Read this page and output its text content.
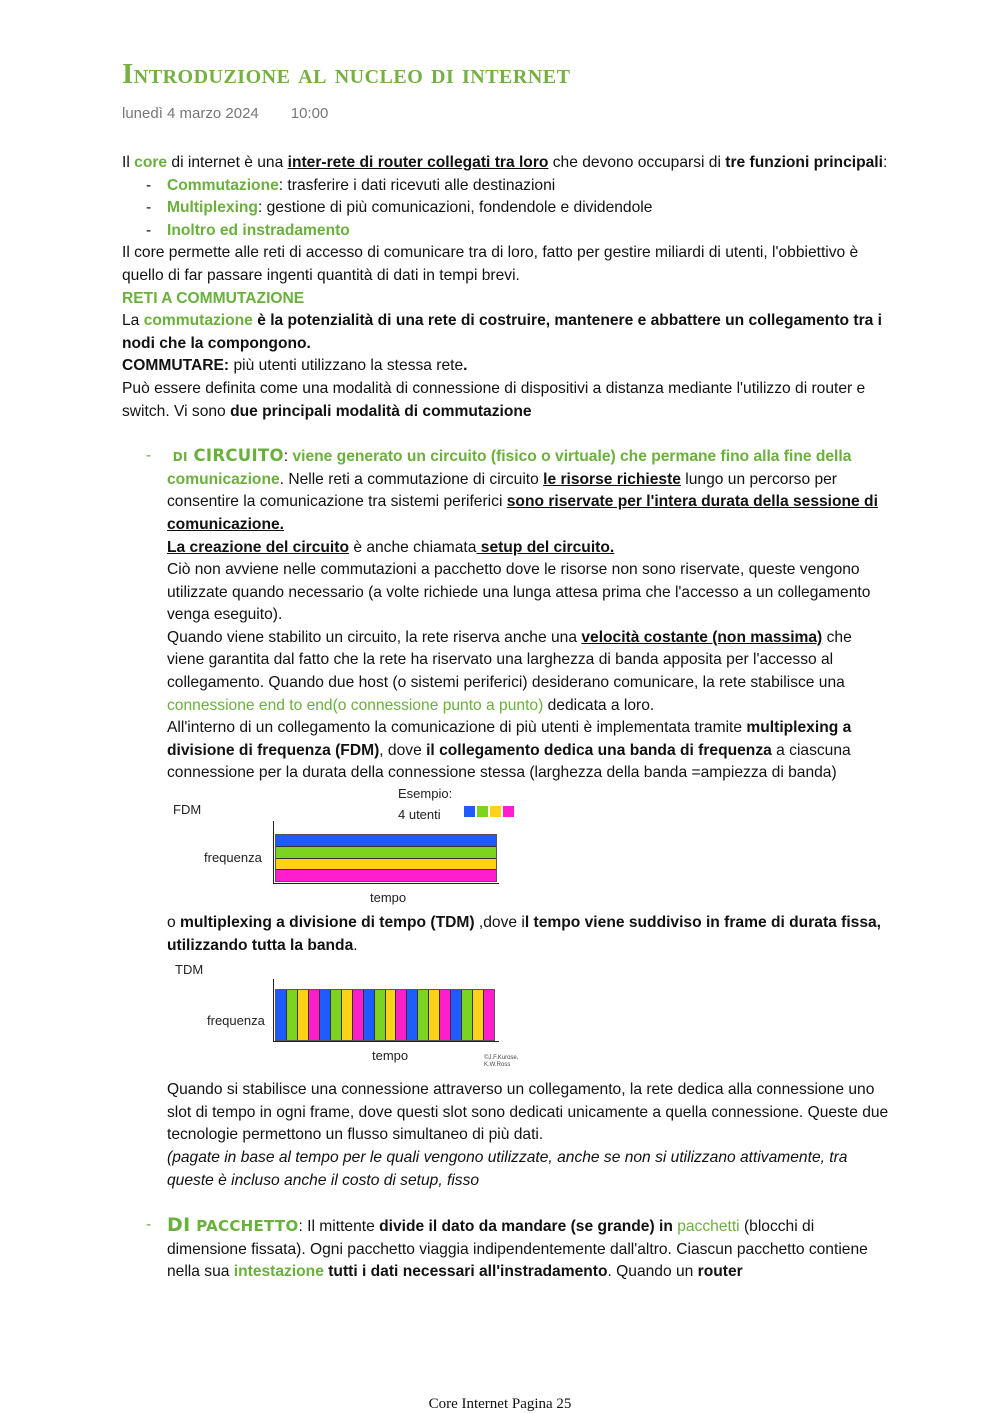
Introduzione al nucleo di internet
lunedì 4 marzo 2024 10:00

Il core di internet è una inter-rete di router collegati tra loro che devono occuparsi di tre funzioni principali:

- Commutazione: trasferire i dati ricevuti alle destinazioni
- Multiplexing: gestione di più comunicazioni, fondendole e dividendole
- Inoltro ed instradamento

Il core permette alle reti di accesso di comunicare tra di loro, fatto per gestire miliardi di utenti, l'obbiettivo è quello di far passare ingenti quantità di dati in tempi brevi.

RETI A COMMUTAZIONE

La commutazione è la potenzialità di una rete di costruire, mantenere e abbattere un collegamento tra i nodi che la compongono.

COMMUTARE: più utenti utilizzano la stessa rete.

Può essere definita come una modalità di connessione di dispositivi a distanza mediante l'utilizzo di router e switch. Vi sono due principali modalità di commutazione

-	DI CIRCUITO: viene generato un circuito (fisico o virtuale) che permane fino alla fine della comunicazione. Nelle reti a commutazione di circuito le risorse richieste lungo un percorso per consentire la comunicazione tra sistemi periferici sono riservate per l'intera durata della sessione di comunicazione.

La creazione del circuito è anche chiamata setup del circuito.

Ciò non avviene nelle commutazioni a pacchetto dove le risorse non sono riservate, queste vengono utilizzate quando necessario (a volte richiede una lunga attesa prima che l'accesso a un collegamento venga eseguito).

Quando viene stabilito un circuito, la rete riserva anche una velocità costante (non massima) che viene garantita dal fatto che la rete ha riservato una larghezza di banda apposita per l'accesso al collegamento. Quando due host (o sistemi periferici) desiderano comunicare, la rete stabilisce una connessione end to end(o connessione punto a punto) dedicata a loro.

All'interno di un collegamento la comunicazione di più utenti è implementata tramite multiplexing a divisione di frequenza (FDM), dove il collegamento dedica una banda di frequenza a ciascuna connessione per la durata della connessione stessa (larghezza della banda =ampiezza di banda)

FDM
Esempio:
4 utenti
frequenza
tempo

o multiplexing a divisione di tempo (TDM) ,dove il tempo viene suddiviso in frame di durata fissa, utilizzando tutta la banda.

TDM
frequenza
tempo	©J.F.Kurose,
K.W.Ross

Quando si stabilisce una connessione attraverso un collegamento, la rete dedica alla connessione uno slot di tempo in ogni frame, dove questi slot sono dedicati unicamente a quella connessione. Queste due tecnologie permettono un flusso simultaneo di più dati.

(pagate in base al tempo per le quali vengono utilizzate, anche se non si utilizzano attivamente, tra queste è incluso anche il costo di setup, fisso

- DI PACCHETTO: Il mittente divide il dato da mandare (se grande) in pacchetti (blocchi di dimensione fissata). Ogni pacchetto viaggia indipendentemente dall'altro. Ciascun pacchetto contiene nella sua intestazione tutti i dati necessari all'instradamento. Quando un router

Core Internet Pagina 25
